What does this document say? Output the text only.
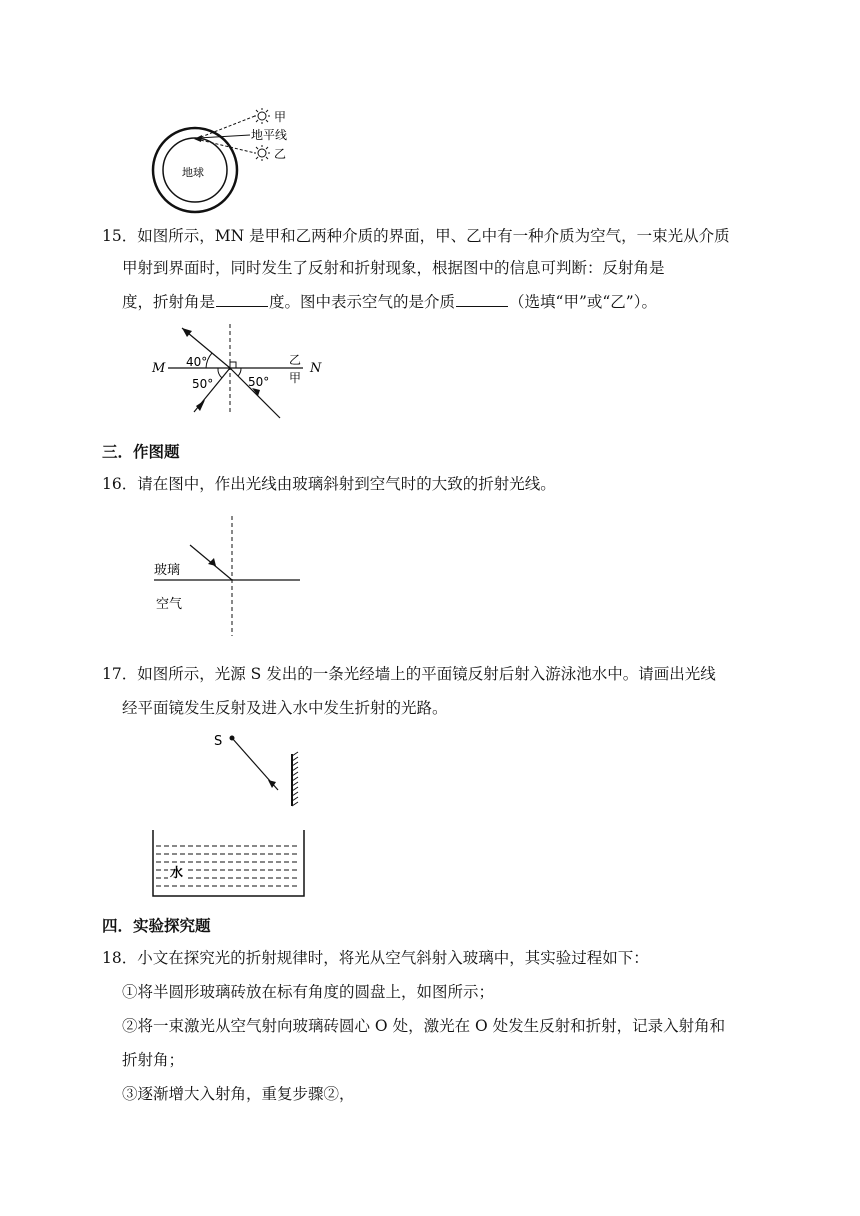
地球
甲
地平线
乙
15．如图所示，MN 是甲和乙两种介质的界面，甲、乙中有一种介质为空气，一束光从介质
甲射到界面时，同时发生了反射和折射现象，根据图中的信息可判断：反射角是
度，折射角是	度。图中表示空气的是介质	（选填“甲”或“乙”）。
M	N
40°
50°	50°
乙
甲
三．作图题
16．请在图中，作出光线由玻璃斜射到空气时的大致的折射光线。
玻璃
空气
17．如图所示，光源 S 发出的一条光经墙上的平面镜反射后射入游泳池水中。请画出光线
经平面镜发生反射及进入水中发生折射的光路。
S
水
四．实验探究题
18．小文在探究光的折射规律时，将光从空气斜射入玻璃中，其实验过程如下：
①将半圆形玻璃砖放在标有角度的圆盘上，如图所示；
②将一束激光从空气射向玻璃砖圆心 O 处，激光在 O 处发生反射和折射，记录入射角和
折射角；
③逐渐增大入射角，重复步骤②，
